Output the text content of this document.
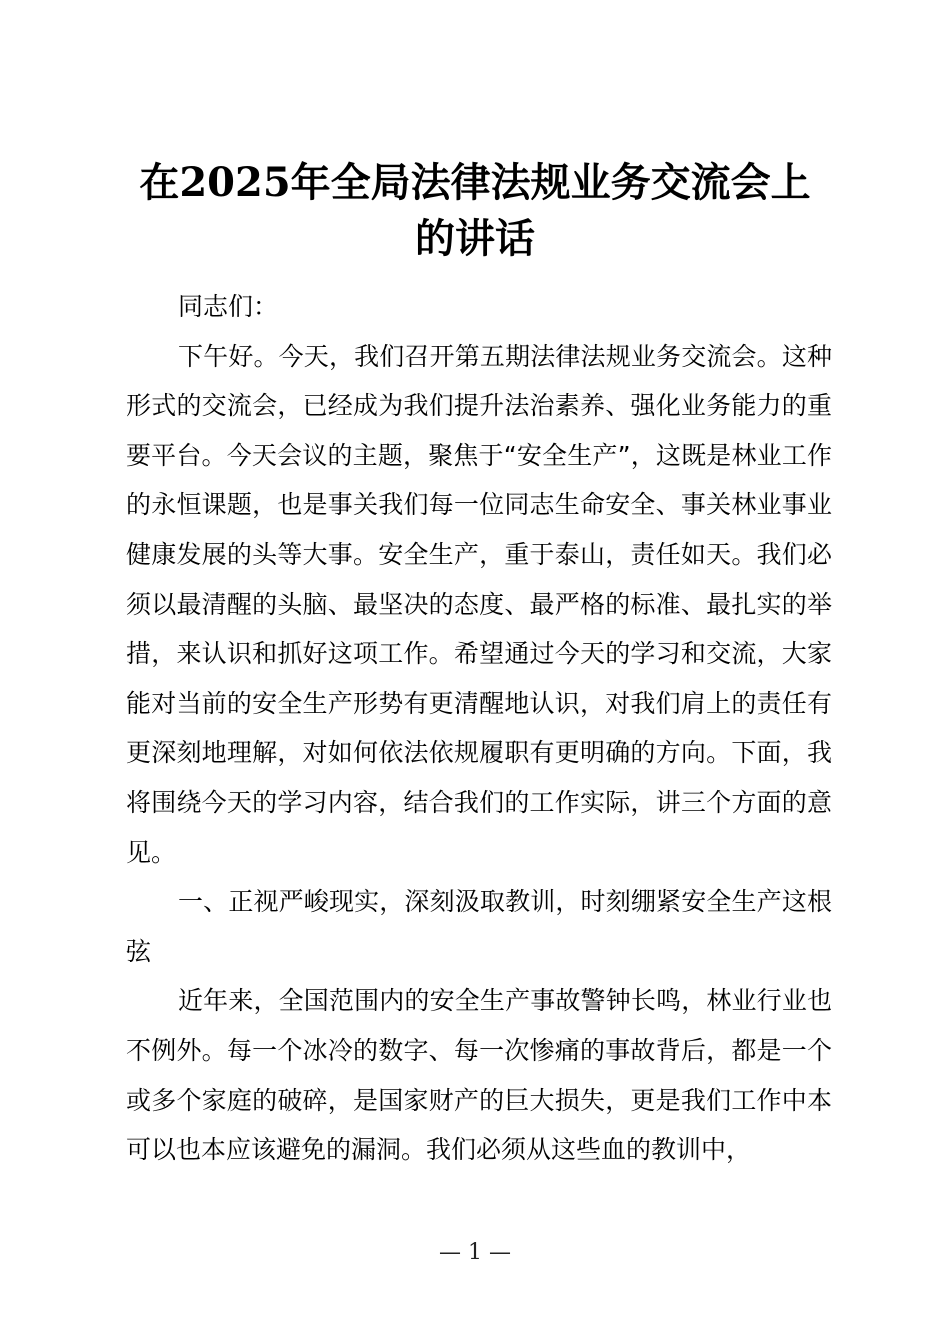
在2025年全局法律法规业务交流会上
的讲话

同志们：

下午好。今天，我们召开第五期法律法规业务交流会。这种形式的交流会，已经成为我们提升法治素养、强化业务能力的重要平台。今天会议的主题，聚焦于“安全生产”，这既是林业工作的永恒课题，也是事关我们每一位同志生命安全、事关林业事业健康发展的头等大事。安全生产，重于泰山，责任如天。我们必须以最清醒的头脑、最坚决的态度、最严格的标准、最扎实的举措，来认识和抓好这项工作。希望通过今天的学习和交流，大家能对当前的安全生产形势有更清醒地认识，对我们肩上的责任有更深刻地理解，对如何依法依规履职有更明确的方向。下面，我将围绕今天的学习内容，结合我们的工作实际，讲三个方面的意见。

一、正视严峻现实，深刻汲取教训，时刻绷紧安全生产这根弦

近年来，全国范围内的安全生产事故警钟长鸣，林业行业也不例外。每一个冰冷的数字、每一次惨痛的事故背后，都是一个或多个家庭的破碎，是国家财产的巨大损失，更是我们工作中本可以也本应该避免的漏洞。我们必须从这些血的教训中，

— 1 —
